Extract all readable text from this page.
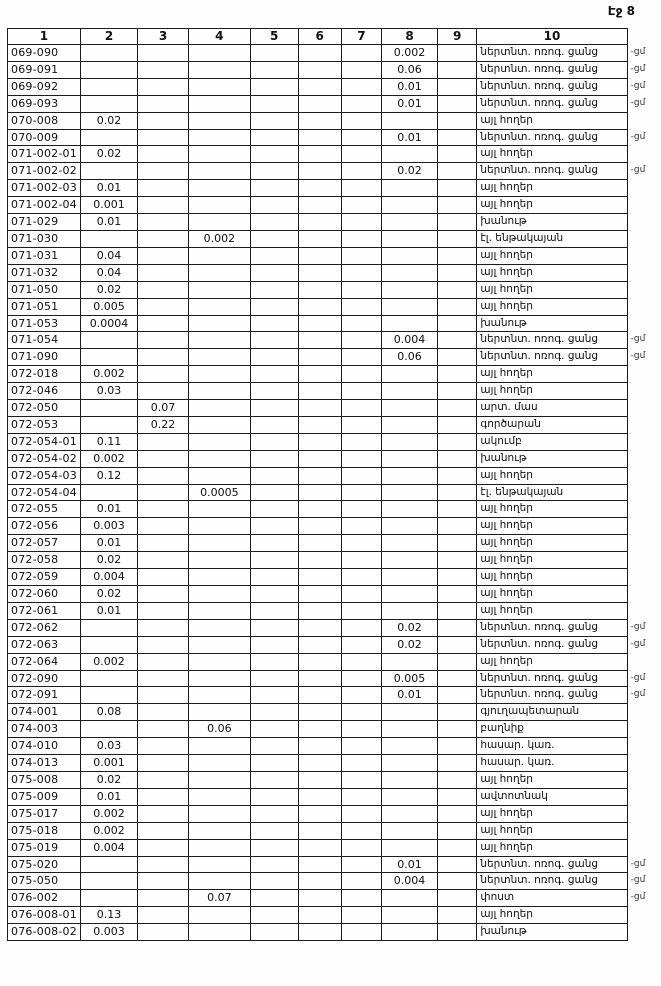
Էջ 8
1	2	3	4	5	6	7	8	9	10	
069-090							0.002		ներտնտ. ոռոգ. ցանց	-ցմ
069-091							0.06		ներտնտ. ոռոգ. ցանց	-ցմ
069-092							0.01		ներտնտ. ոռոգ. ցանց	-ցմ
069-093							0.01		ներտնտ. ոռոգ. ցանց	-ցմ
070-008	0.02								այլ հողեր	
070-009							0.01		ներտնտ. ոռոգ. ցանց	-ցմ
071-002-01	0.02								այլ հողեր	
071-002-02							0.02		ներտնտ. ոռոգ. ցանց	-ցմ
071-002-03	0.01								այլ հողեր	
071-002-04	0.001								այլ հողեր	
071-029	0.01								խանութ	
071-030			0.002						էլ. ենթակայան	
071-031	0.04								այլ հողեր	
071-032	0.04								այլ հողեր	
071-050	0.02								այլ հողեր	
071-051	0.005								այլ հողեր	
071-053	0.0004								խանութ	
071-054							0.004		ներտնտ. ոռոգ. ցանց	-ցմ
071-090							0.06		ներտնտ. ոռոգ. ցանց	-ցմ
072-018	0.002								այլ հողեր	
072-046	0.03								այլ հողեր	
072-050		0.07							արտ. մաս	
072-053		0.22							գործարան	
072-054-01	0.11								ակումբ	
072-054-02	0.002								խանութ	
072-054-03	0.12								այլ հողեր	
072-054-04			0.0005						էլ. ենթակայան	
072-055	0.01								այլ հողեր	
072-056	0.003								այլ հողեր	
072-057	0.01								այլ հողեր	
072-058	0.02								այլ հողեր	
072-059	0.004								այլ հողեր	
072-060	0.02								այլ հողեր	
072-061	0.01								այլ հողեր	
072-062							0.02		ներտնտ. ոռոգ. ցանց	-ցմ
072-063							0.02		ներտնտ. ոռոգ. ցանց	-ցմ
072-064	0.002								այլ հողեր	
072-090							0.005		ներտնտ. ոռոգ. ցանց	-ցմ
072-091							0.01		ներտնտ. ոռոգ. ցանց	-ցմ
074-001	0.08								գյուղապետարան	
074-003			0.06						բաղնիք	
074-010	0.03								հասար. կառ.	
074-013	0.001								հասար. կառ.	
075-008	0.02								այլ հողեր	
075-009	0.01								ավտոտնակ	
075-017	0.002								այլ հողեր	
075-018	0.002								այլ հողեր	
075-019	0.004								այլ հողեր	
075-020							0.01		ներտնտ. ոռոգ. ցանց	-ցմ
075-050							0.004		ներտնտ. ոռոգ. ցանց	-ցմ
076-002			0.07						փոստ	-ցմ
076-008-01	0.13								այլ հողեր	
076-008-02	0.003								խանութ	
